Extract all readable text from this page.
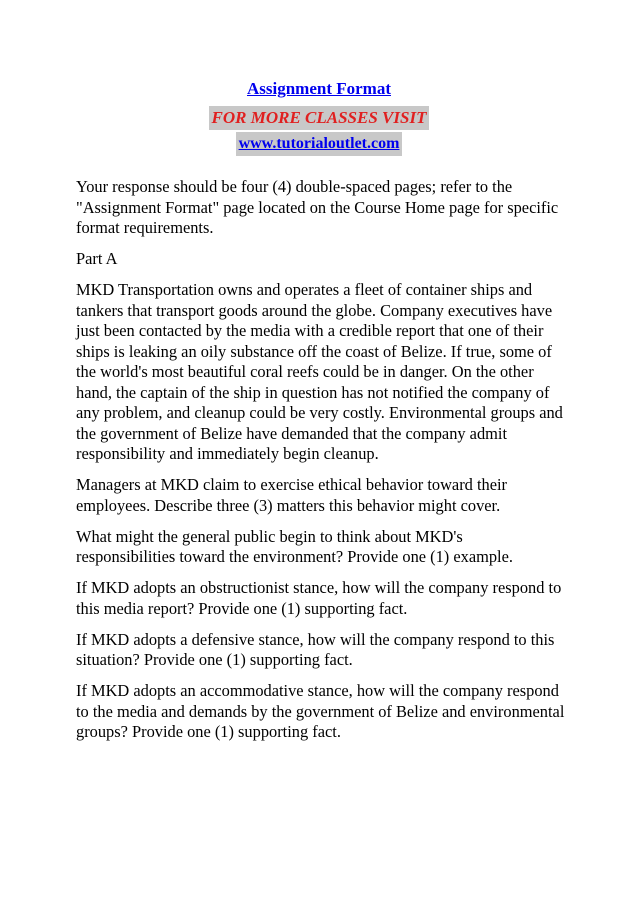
Assignment Format
FOR MORE CLASSES VISIT
www.tutorialoutlet.com

Your response should be four (4) double-spaced pages; refer to the "Assignment Format" page located on the Course Home page for specific format requirements.

Part A

MKD Transportation owns and operates a fleet of container ships and tankers that transport goods around the globe. Company executives have just been contacted by the media with a credible report that one of their ships is leaking an oily substance off the coast of Belize. If true, some of the world's most beautiful coral reefs could be in danger. On the other hand, the captain of the ship in question has not notified the company of any problem, and cleanup could be very costly. Environmental groups and the government of Belize have demanded that the company admit responsibility and immediately begin cleanup.

Managers at MKD claim to exercise ethical behavior toward their employees. Describe three (3) matters this behavior might cover.

What might the general public begin to think about MKD's responsibilities toward the environment? Provide one (1) example.

If MKD adopts an obstructionist stance, how will the company respond to this media report? Provide one (1) supporting fact.

If MKD adopts a defensive stance, how will the company respond to this situation? Provide one (1) supporting fact.

If MKD adopts an accommodative stance, how will the company respond to the media and demands by the government of Belize and environmental groups? Provide one (1) supporting fact.
